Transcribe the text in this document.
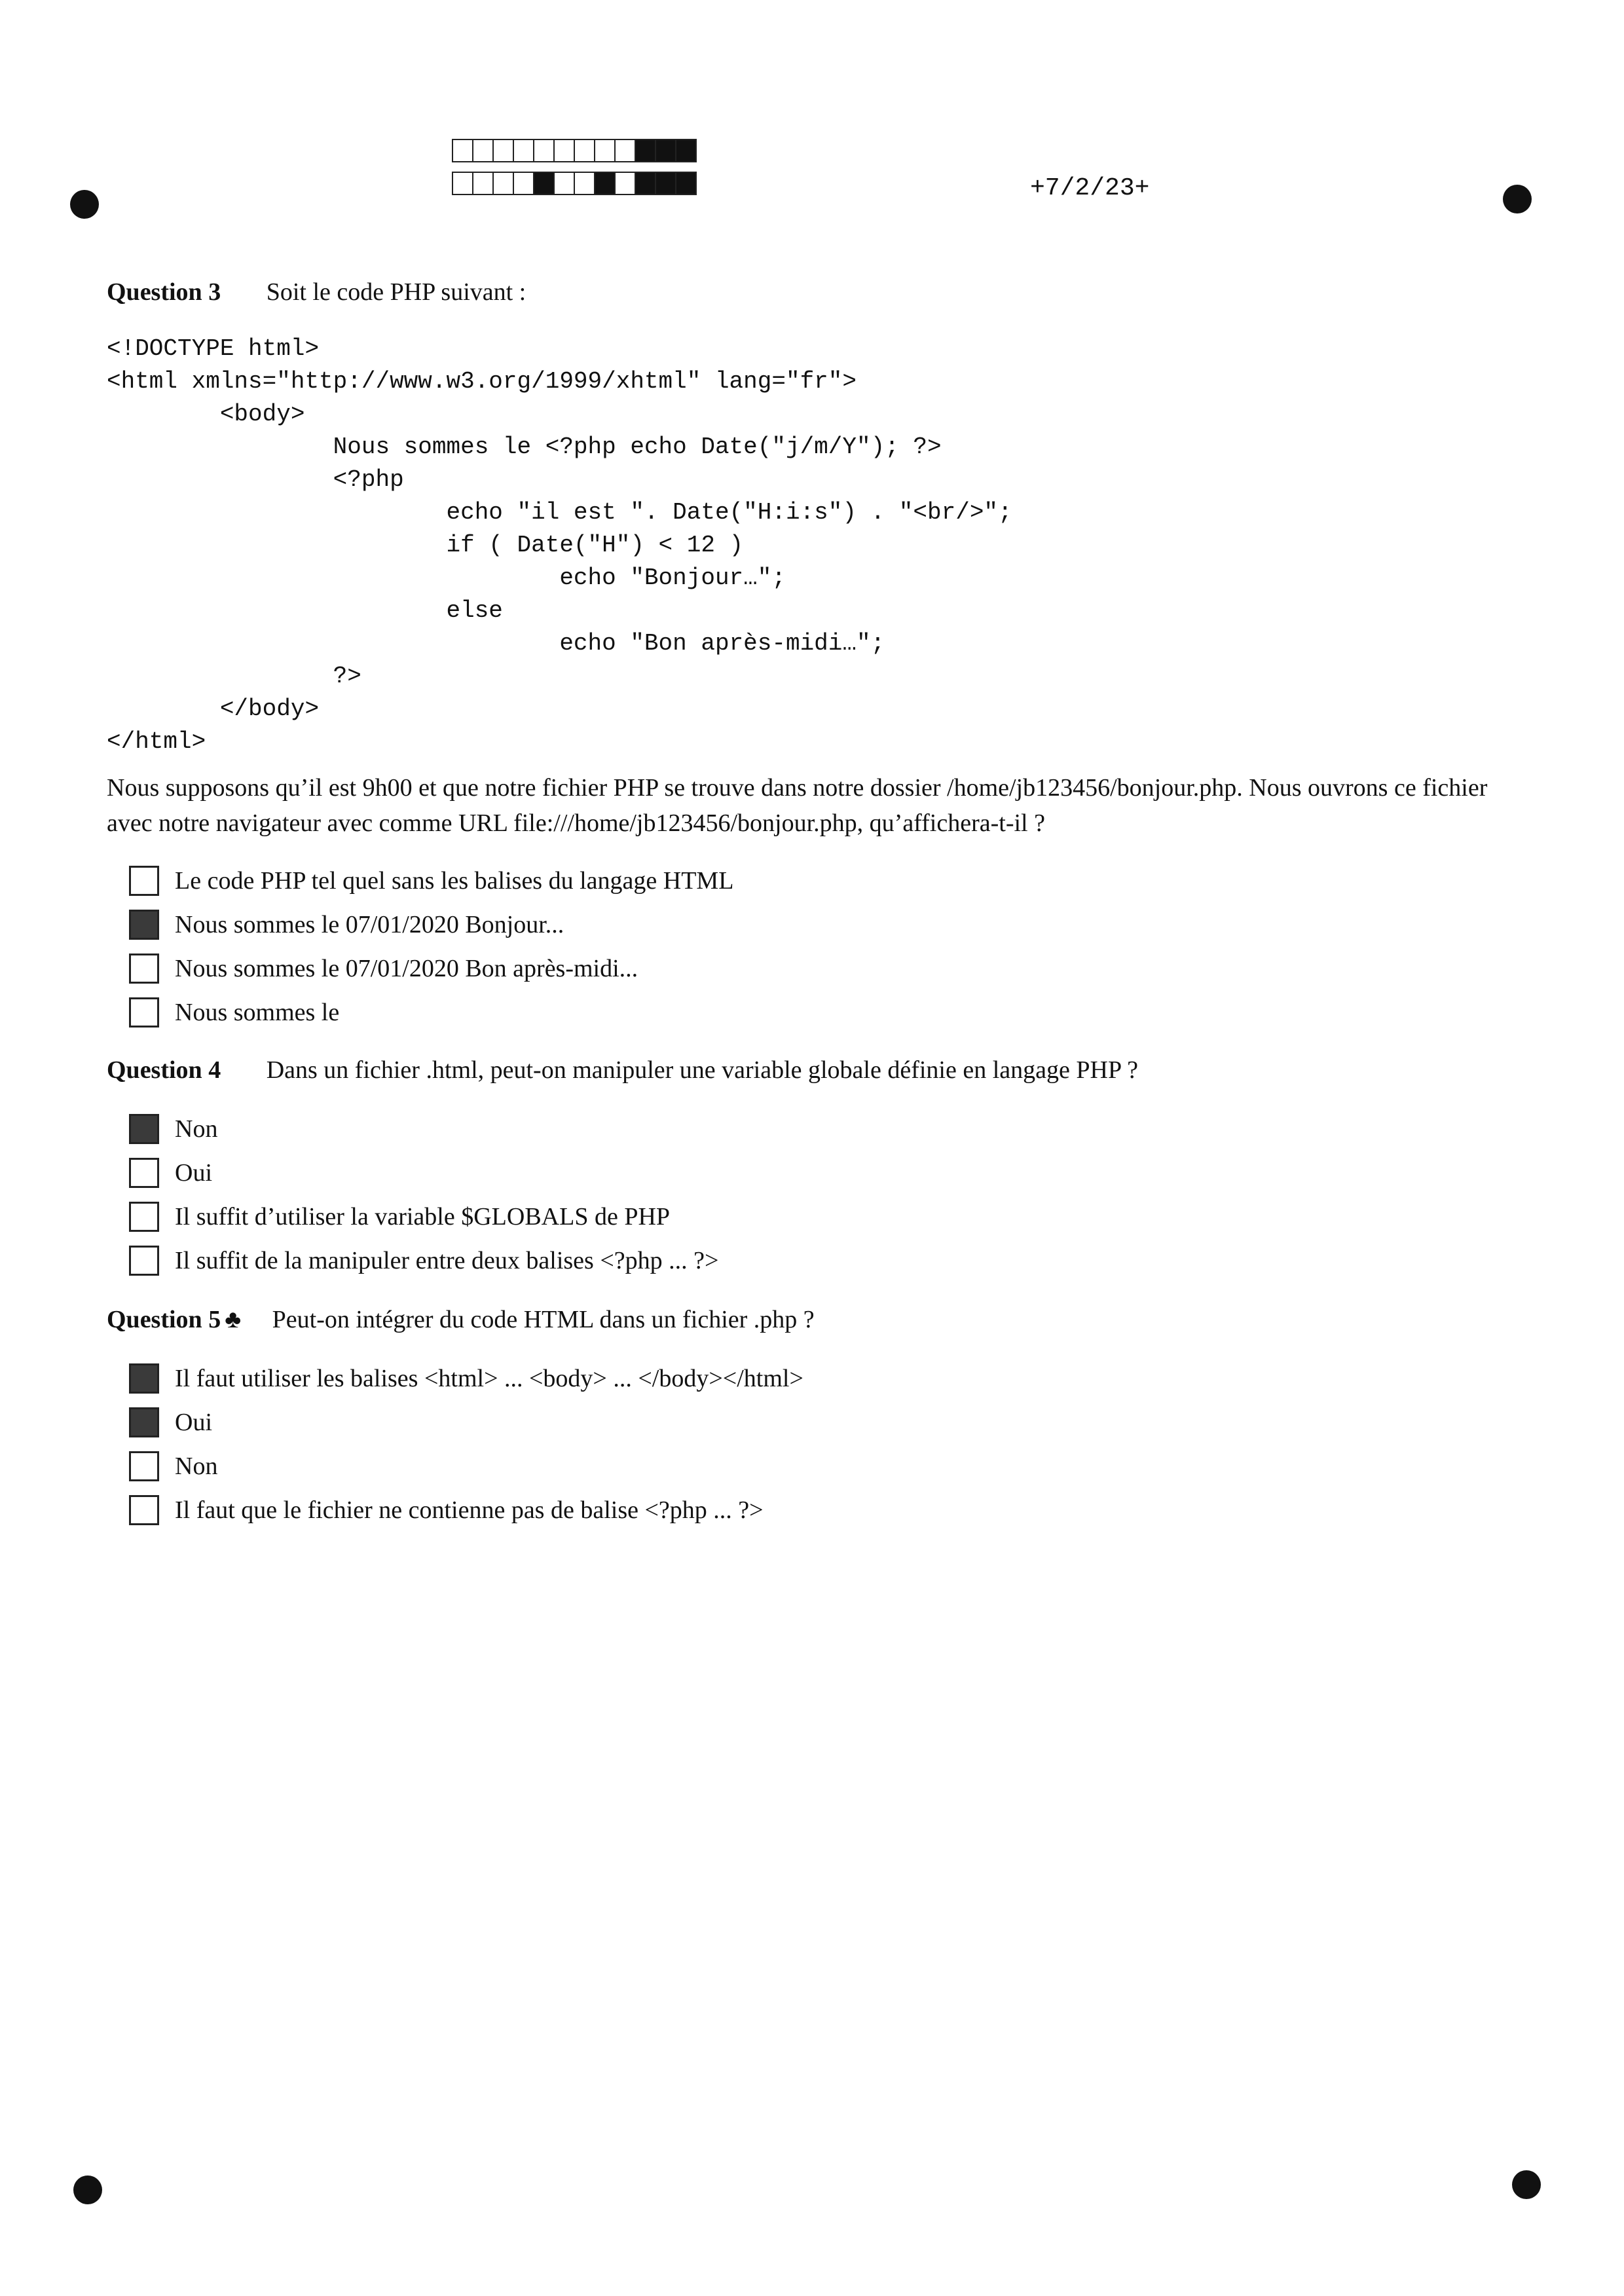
+7/2/23+
Question 3 Soit le code PHP suivant :
<!DOCTYPE html>
<html xmlns="http://www.w3.org/1999/xhtml" lang="fr">
<body>
Nous sommes le <?php echo Date("j/m/Y"); ?>
<?php
echo "il est ". Date("H:i:s") . "<br/>";
if ( Date("H") < 12 )
echo "Bonjour…";
else
echo "Bon après-midi…";
?>
</body>
</html>
Nous supposons qu’il est 9h00 et que notre fichier PHP se trouve dans notre dossier /home/jb123456/bonjour.php. Nous ouvrons ce fichier avec notre navigateur avec comme URL file:///home/jb123456/bonjour.php, qu’affichera-t-il ?
Le code PHP tel quel sans les balises du langage HTML
Nous sommes le 07/01/2020 Bonjour...
Nous sommes le 07/01/2020 Bon après-midi...
Nous sommes le
Question 4 Dans un fichier .html, peut-on manipuler une variable globale définie en langage PHP ?
Non
Oui
Il suffit d’utiliser la variable $GLOBALS de PHP
Il suffit de la manipuler entre deux balises <?php ... ?>
Question 5 ♣ Peut-on intégrer du code HTML dans un fichier .php ?
Il faut utiliser les balises <html> ... <body> ... </body></html>
Oui
Non
Il faut que le fichier ne contienne pas de balise <?php ... ?>
